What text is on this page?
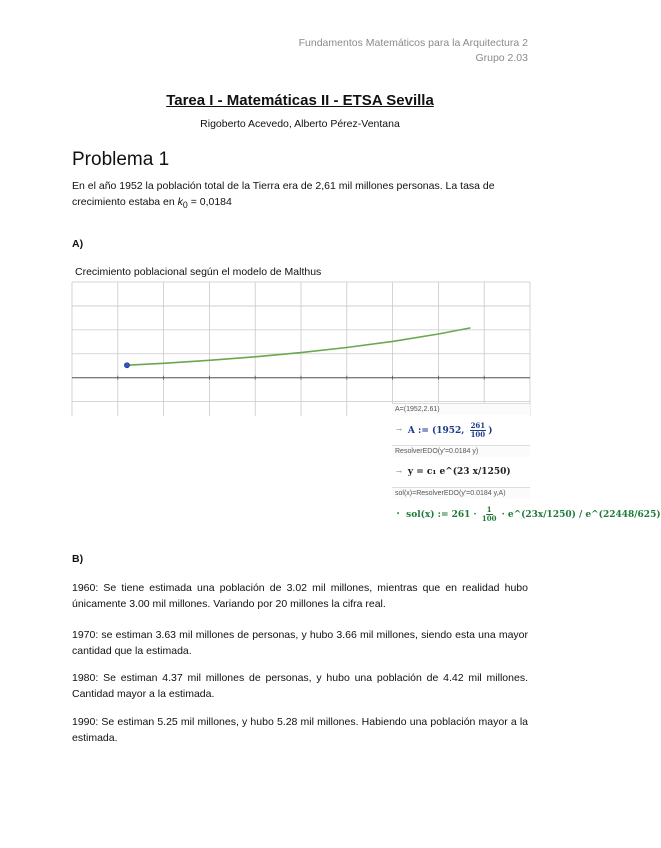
Fundamentos Matemáticos para la Arquitectura 2
Grupo 2.03
Tarea I - Matemáticas II - ETSA Sevilla
Rigoberto Acevedo, Alberto Pérez-Ventana
Problema 1
En el año 1952 la población total de la Tierra era de 2,61 mil millones personas. La tasa de crecimiento estaba en $k_0 = 0,0184$
A)
Crecimiento poblacional según el modelo de Malthus
A=(1952,2.61)
→ A := (1952, $\frac{261}{100}$ )
ResolverEDO(y'=0.0184 y)
→ y = c₁ e^(23 x/1250)
sol(x)=ResolverEDO(y'=0.0184 y,A)
• sol(x) := $261 \cdot \frac{1}{100}$ · e^(23x/1250) / e^(22448/625)
B)
1960: Se tiene estimada una población de 3.02 mil millones, mientras que en realidad hubo únicamente 3.00 mil millones. Variando por 20 millones la cifra real.
1970: se estiman 3.63 mil millones de personas, y hubo 3.66 mil millones, siendo esta una mayor cantidad que la estimada.
1980: Se estiman 4.37 mil millones de personas, y hubo una población de 4.42 mil millones. Cantidad mayor a la estimada.
1990: Se estiman 5.25 mil millones, y hubo 5.28 mil millones. Habiendo una población mayor a la estimada.
